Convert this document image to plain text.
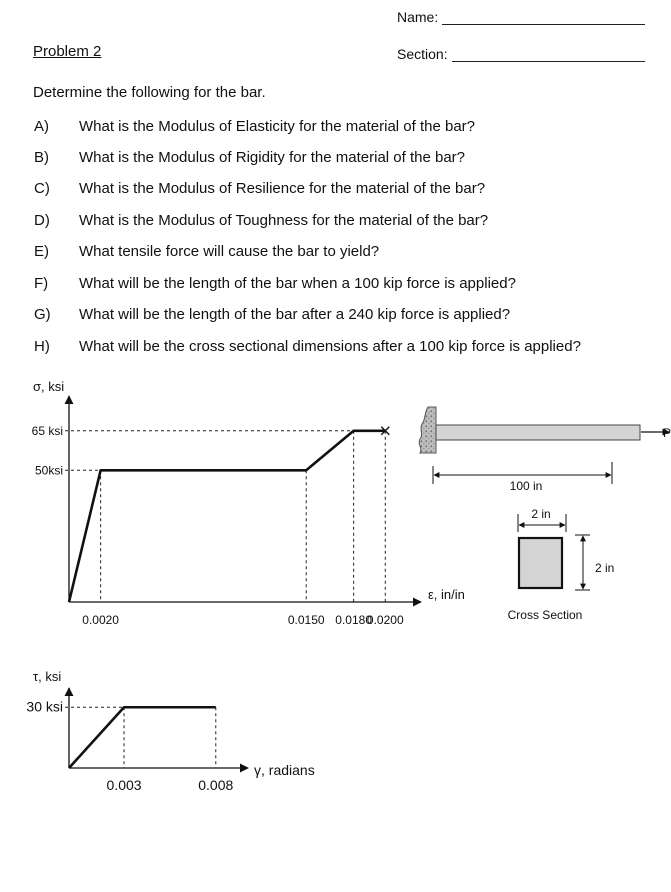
Name:
Section:
Problem 2
Determine the following for the bar.
A) What is the Modulus of Elasticity for the material of the bar?
B) What is the Modulus of Rigidity for the material of the bar?
C) What is the Modulus of Resilience for the material of the bar?
D) What is the Modulus of Toughness for the material of the bar?
E) What tensile force will cause the bar to yield?
F) What will be the length of the bar when a 100 kip force is applied?
G) What will be the length of the bar after a 240 kip force is applied?
H) What will be the cross sectional dimensions after a 100 kip force is applied?
σ, ksi
ε, in/in
0.0020	0.0150 0.0180
0.0200
65 ksi
50ksi
τ, ksi
γ, radians
0.003	0.008
30 ksi
P
100 in
2 in
2 in
Cross Section
